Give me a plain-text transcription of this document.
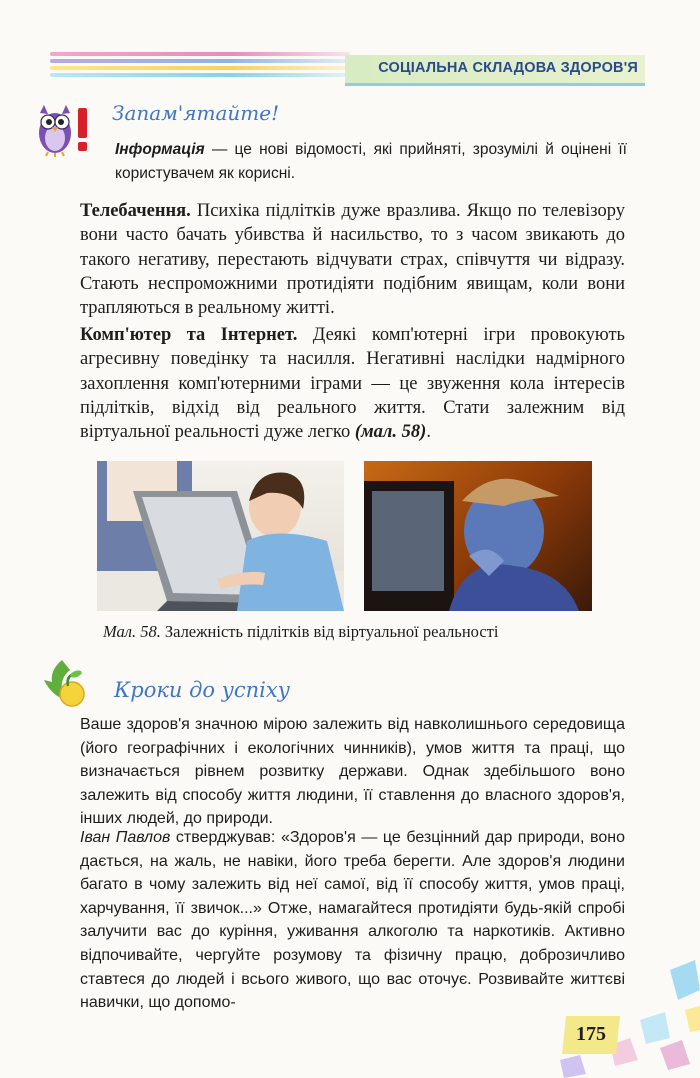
СОЦІАЛЬНА СКЛАДОВА ЗДОРОВ'Я
Запам'ятайте!
Інформація — це нові відомості, які прийняті, зрозумілі й оцінені її користувачем як корисні.

Телебачення. Психіка підлітків дуже вразлива. Якщо по телевізору вони часто бачать убивства й насильство, то з часом звикають до такого негативу, перестають відчувати страх, співчуття чи відразу. Стають неспроможними протидіяти подібним явищам, коли вони трапляються в реальному житті.

Комп'ютер та Інтернет. Деякі комп'ютерні ігри провокують агресивну поведінку та насилля. Негативні наслідки надмірного захоплення комп'ютерними іграми — це звуження кола інтересів підлітків, відхід від реального життя. Стати залежним від віртуальної реальності дуже легко (мал. 58).

Мал. 58. Залежність підлітків від віртуальної реальності
Кроки до успіху

Ваше здоров'я значною мірою залежить від навколишнього середовища (його географічних і екологічних чинників), умов життя та праці, що визначається рівнем розвитку держави. Однак здебільшого воно залежить від способу життя людини, її ставлення до власного здоров'я, інших людей, до природи.

Іван Павлов стверджував: «Здоров'я — це безцінний дар природи, воно дається, на жаль, не навіки, його треба берегти. Але здоров'я людини багато в чому залежить від неї самої, від її способу життя, умов праці, харчування, її звичок...» Отже, намагайтеся протидіяти будь-якій спробі залучити вас до куріння, уживання алкоголю та наркотиків. Активно відпочивайте, чергуйте розумову та фізичну працю, доброзичливо ставтеся до людей і всього живого, що вас оточує. Розвивайте життєві навички, що допомо-

175
